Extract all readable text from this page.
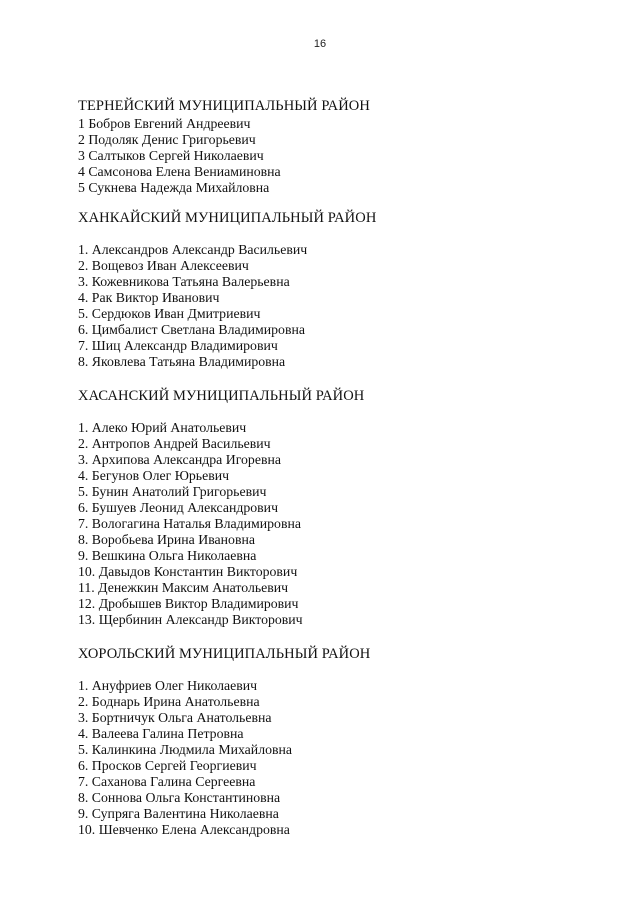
16
ТЕРНЕЙСКИЙ МУНИЦИПАЛЬНЫЙ РАЙОН
1 Бобров Евгений Андреевич
2 Подоляк Денис Григорьевич
3 Салтыков Сергей Николаевич
4 Самсонова Елена Вениаминовна
5 Сукнева Надежда Михайловна
ХАНКАЙСКИЙ МУНИЦИПАЛЬНЫЙ РАЙОН
1. Александров Александр Васильевич
2. Вощевоз Иван Алексеевич
3. Кожевникова Татьяна Валерьевна
4. Рак Виктор Иванович
5. Сердюков Иван Дмитриевич
6. Цимбалист Светлана Владимировна
7. Шиц Александр Владимирович
8. Яковлева Татьяна Владимировна
ХАСАНСКИЙ МУНИЦИПАЛЬНЫЙ РАЙОН
1. Алеко Юрий Анатольевич
2. Антропов Андрей Васильевич
3. Архипова Александра Игоревна
4. Бегунов Олег Юрьевич
5. Бунин Анатолий Григорьевич
6. Бушуев Леонид Александрович
7. Вологагина Наталья Владимировна
8. Воробьева Ирина Ивановна
9. Вешкина Ольга Николаевна
10. Давыдов Константин Викторович
11. Денежкин Максим Анатольевич
12. Дробышев Виктор Владимирович
13. Щербинин Александр Викторович
ХОРОЛЬСКИЙ МУНИЦИПАЛЬНЫЙ РАЙОН
1. Ануфриев Олег Николаевич
2. Боднарь Ирина Анатольевна
3. Бортничук Ольга Анатольевна
4. Валеева Галина Петровна
5. Калинкина Людмила Михайловна
6. Просков Сергей Георгиевич
7. Саханова Галина Сергеевна
8. Соннова Ольга Константиновна
9. Супряга Валентина Николаевна
10. Шевченко Елена Александровна
